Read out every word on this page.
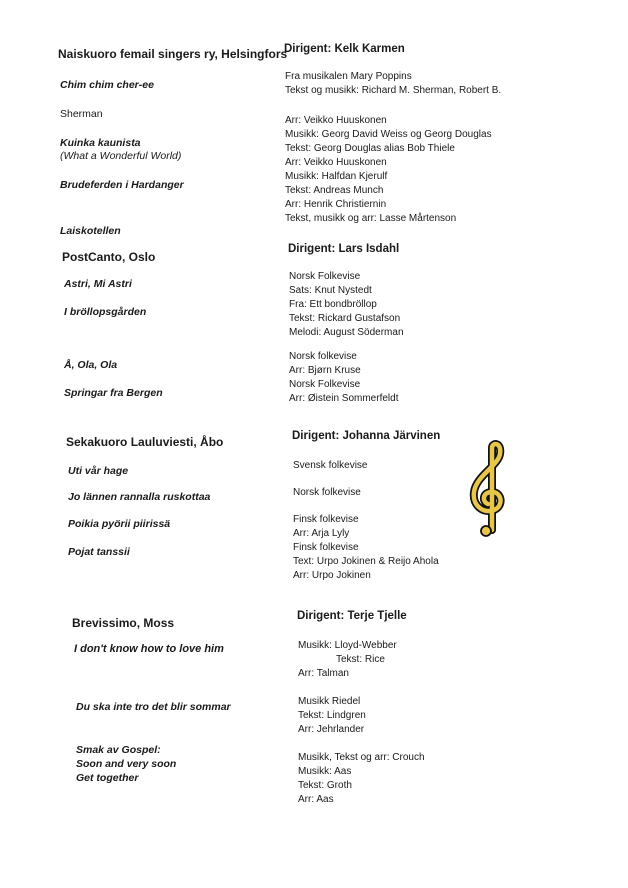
Naiskuoro femail singers ry, Helsingfors
Dirigent: Kelk Karmen
Chim chim cher-ee
Sherman
Kuinka kaunista
(What a Wonderful World)
Brudeferden i Hardanger
Laiskotellen
Fra musikalen Mary Poppins
Tekst og musikk: Richard M. Sherman, Robert B.
Arr: Veikko Huuskonen
Musikk: Georg David Weiss og Georg Douglas
Tekst: Georg Douglas alias Bob Thiele
Arr: Veikko Huuskonen
Musikk: Halfdan Kjerulf
Tekst: Andreas Munch
Arr: Henrik Christiernin
Tekst, musikk og arr: Lasse Mårtenson
PostCanto, Oslo
Dirigent: Lars Isdahl
Astri, Mi Astri
I bröllopsgården
Å, Ola, Ola
Springar fra Bergen
Norsk Folkevise
Sats: Knut Nystedt
Fra: Ett bondbröllop
Tekst: Rickard Gustafson
Melodi: August Söderman
Norsk folkevise
Arr: Bjørn Kruse
Norsk Folkevise
Arr: Øistein Sommerfeldt
Sekakuoro Lauluviesti, Åbo	Dirigent: Johanna Järvinen
Uti vår hage
Jo lännen rannalla ruskottaa
Poikia pyörii piirissä
Pojat tanssii
Svensk folkevise
Norsk folkevise
Finsk folkevise
Arr: Arja Lyly
Finsk folkevise
Text: Urpo Jokinen & Reijo Ahola
Arr: Urpo Jokinen
Brevissimo, Moss	Dirigent: Terje Tjelle
I don't know how to love him
Du ska inte tro det blir sommar
Smak av Gospel:
Soon and very soon
Get together
Musikk: Lloyd-Webber
Tekst: Rice
Arr: Talman
Musikk Riedel
Tekst: Lindgren
Arr: Jehrlander
Musikk, Tekst og arr: Crouch
Musikk: Aas
Tekst: Groth
Arr: Aas
